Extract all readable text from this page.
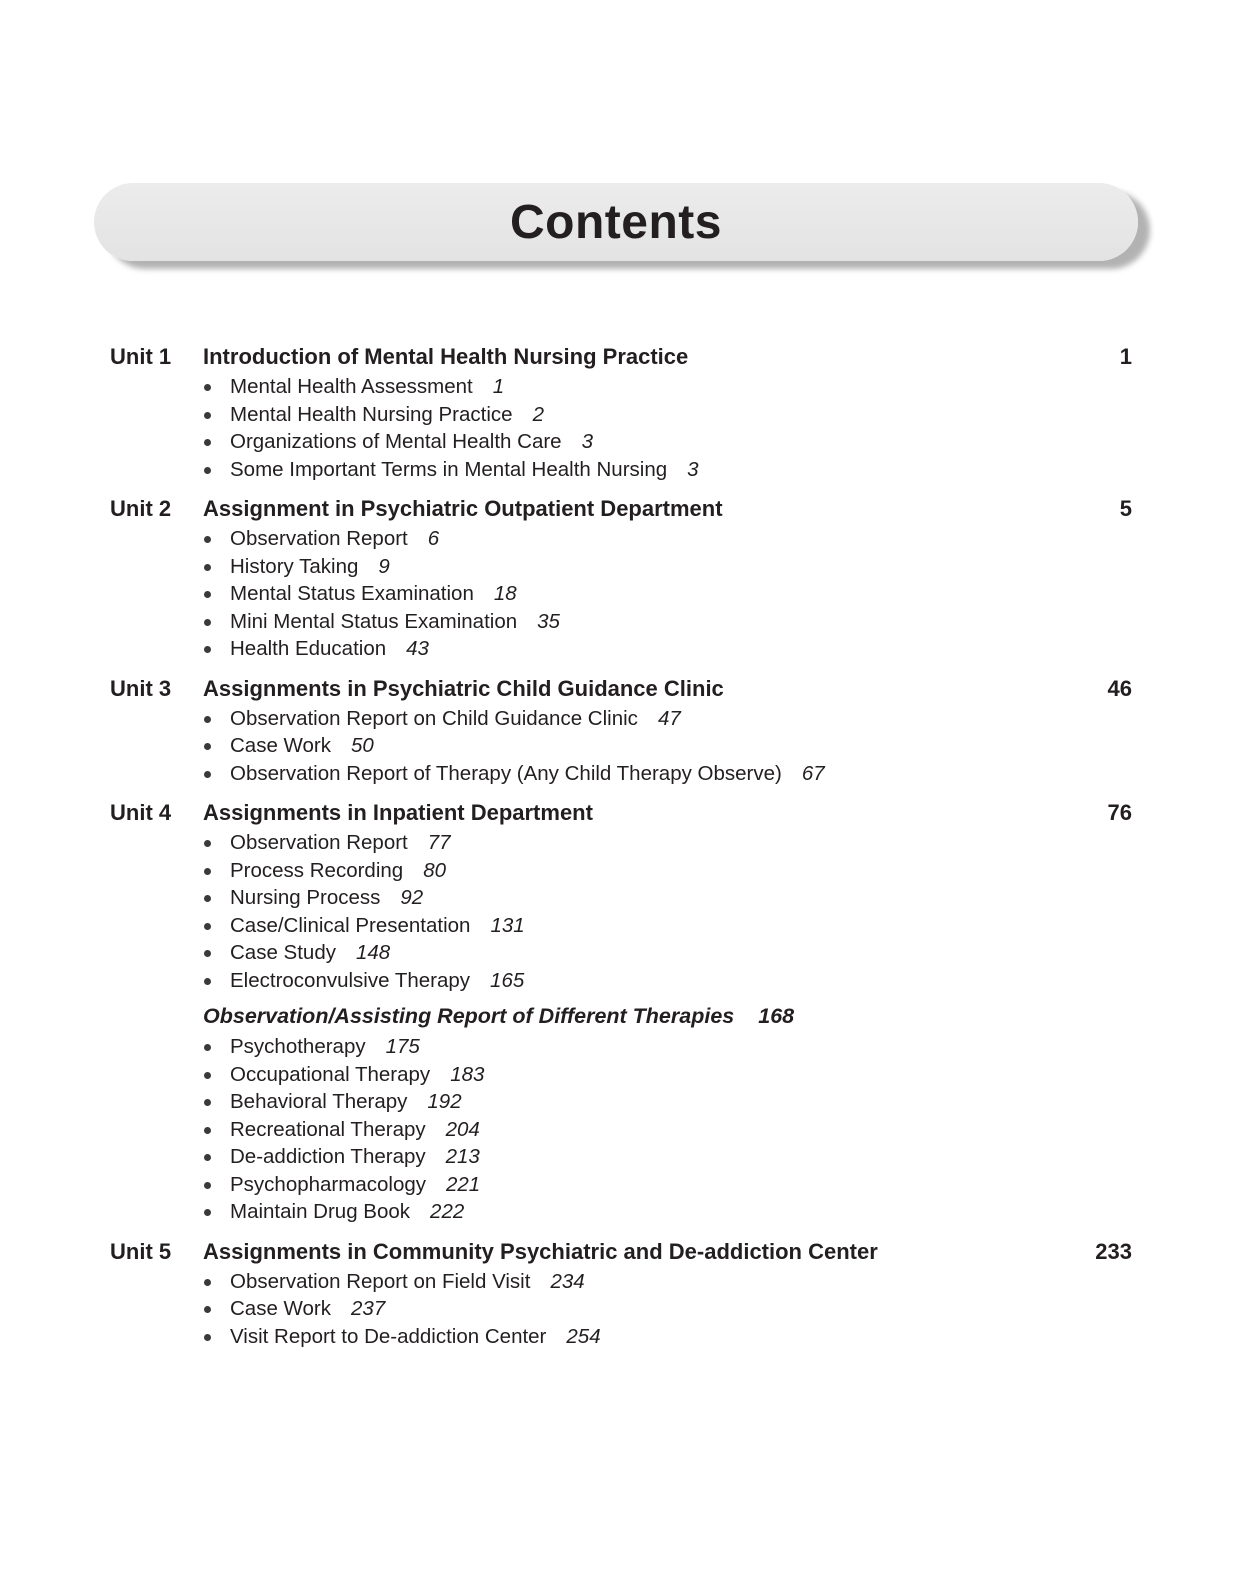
Contents
Unit 1 Introduction of Mental Health Nursing Practice	1
Mental Health Assessment 1
Mental Health Nursing Practice 2
Organizations of Mental Health Care 3
Some Important Terms in Mental Health Nursing 3
Unit 2 Assignment in Psychiatric Outpatient Department	5
Observation Report 6
History Taking 9
Mental Status Examination 18
Mini Mental Status Examination 35
Health Education 43
Unit 3 Assignments in Psychiatric Child Guidance Clinic	46
Observation Report on Child Guidance Clinic 47
Case Work 50
Observation Report of Therapy (Any Child Therapy Observe) 67
Unit 4 Assignments in Inpatient Department	76
Observation Report 77
Process Recording 80
Nursing Process 92
Case/Clinical Presentation 131
Case Study 148
Electroconvulsive Therapy 165
Observation/Assisting Report of Different Therapies 168
Psychotherapy 175
Occupational Therapy 183
Behavioral Therapy 192
Recreational Therapy 204
De-addiction Therapy 213
Psychopharmacology 221
Maintain Drug Book 222
Unit 5 Assignments in Community Psychiatric and De-addiction Center	233
Observation Report on Field Visit 234
Case Work 237
Visit Report to De-addiction Center 254
